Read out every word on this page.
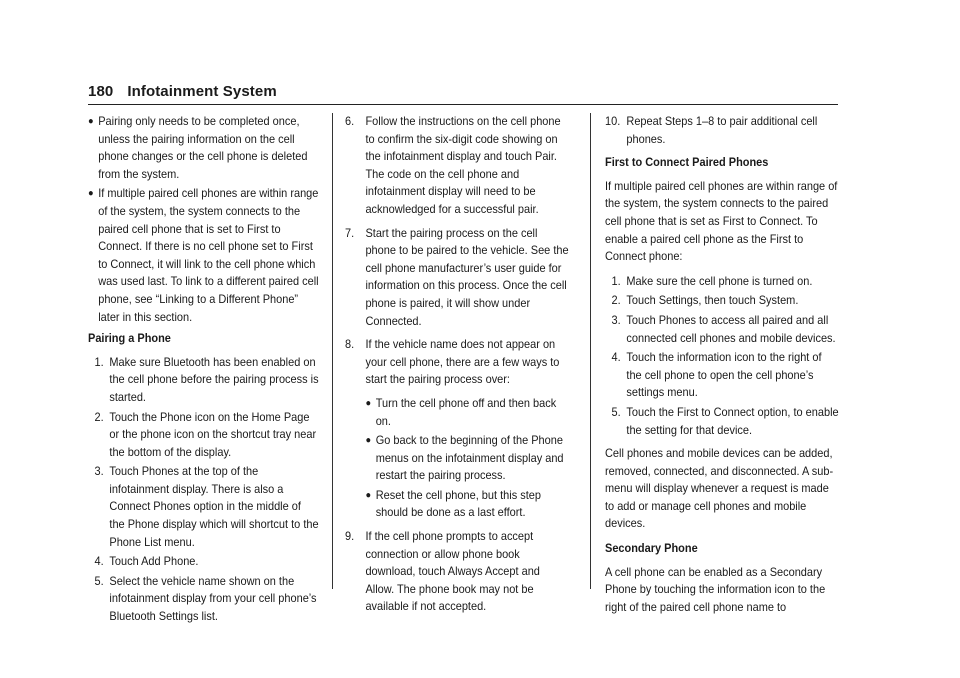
180 Infotainment System
● Pairing only needs to be completed once, unless the pairing information on the cell phone changes or the cell phone is deleted from the system.
● If multiple paired cell phones are within range of the system, the system connects to the paired cell phone that is set to First to Connect. If there is no cell phone set to First to Connect, it will link to the cell phone which was used last. To link to a different paired cell phone, see “Linking to a Different Phone” later in this section.
Pairing a Phone
1. Make sure Bluetooth has been enabled on the cell phone before the pairing process is started.
2. Touch the Phone icon on the Home Page or the phone icon on the shortcut tray near the bottom of the display.
3. Touch Phones at the top of the infotainment display. There is also a Connect Phones option in the middle of the Phone display which will shortcut to the Phone List menu.
4. Touch Add Phone.
5. Select the vehicle name shown on the infotainment display from your cell phone’s Bluetooth Settings list.
6. Follow the instructions on the cell phone to confirm the six-digit code showing on the infotainment display and touch Pair. The code on the cell phone and infotainment display will need to be acknowledged for a successful pair.
7. Start the pairing process on the cell phone to be paired to the vehicle. See the cell phone manufacturer’s user guide for information on this process. Once the cell phone is paired, it will show under Connected.
8. If the vehicle name does not appear on your cell phone, there are a few ways to start the pairing process over:
● Turn the cell phone off and then back on.
● Go back to the beginning of the Phone menus on the infotainment display and restart the pairing process.
● Reset the cell phone, but this step should be done as a last effort.
9. If the cell phone prompts to accept connection or allow phone book download, touch Always Accept and Allow. The phone book may not be available if not accepted.
10. Repeat Steps 1–8 to pair additional cell phones.
First to Connect Paired Phones
If multiple paired cell phones are within range of the system, the system connects to the paired cell phone that is set as First to Connect. To enable a paired cell phone as the First to Connect phone:
1. Make sure the cell phone is turned on.
2. Touch Settings, then touch System.
3. Touch Phones to access all paired and all connected cell phones and mobile devices.
4. Touch the information icon to the right of the cell phone to open the cell phone’s settings menu.
5. Touch the First to Connect option, to enable the setting for that device.
Cell phones and mobile devices can be added, removed, connected, and disconnected. A sub-menu will display whenever a request is made to add or manage cell phones and mobile devices.
Secondary Phone
A cell phone can be enabled as a Secondary Phone by touching the information icon to the right of the paired cell phone name to
